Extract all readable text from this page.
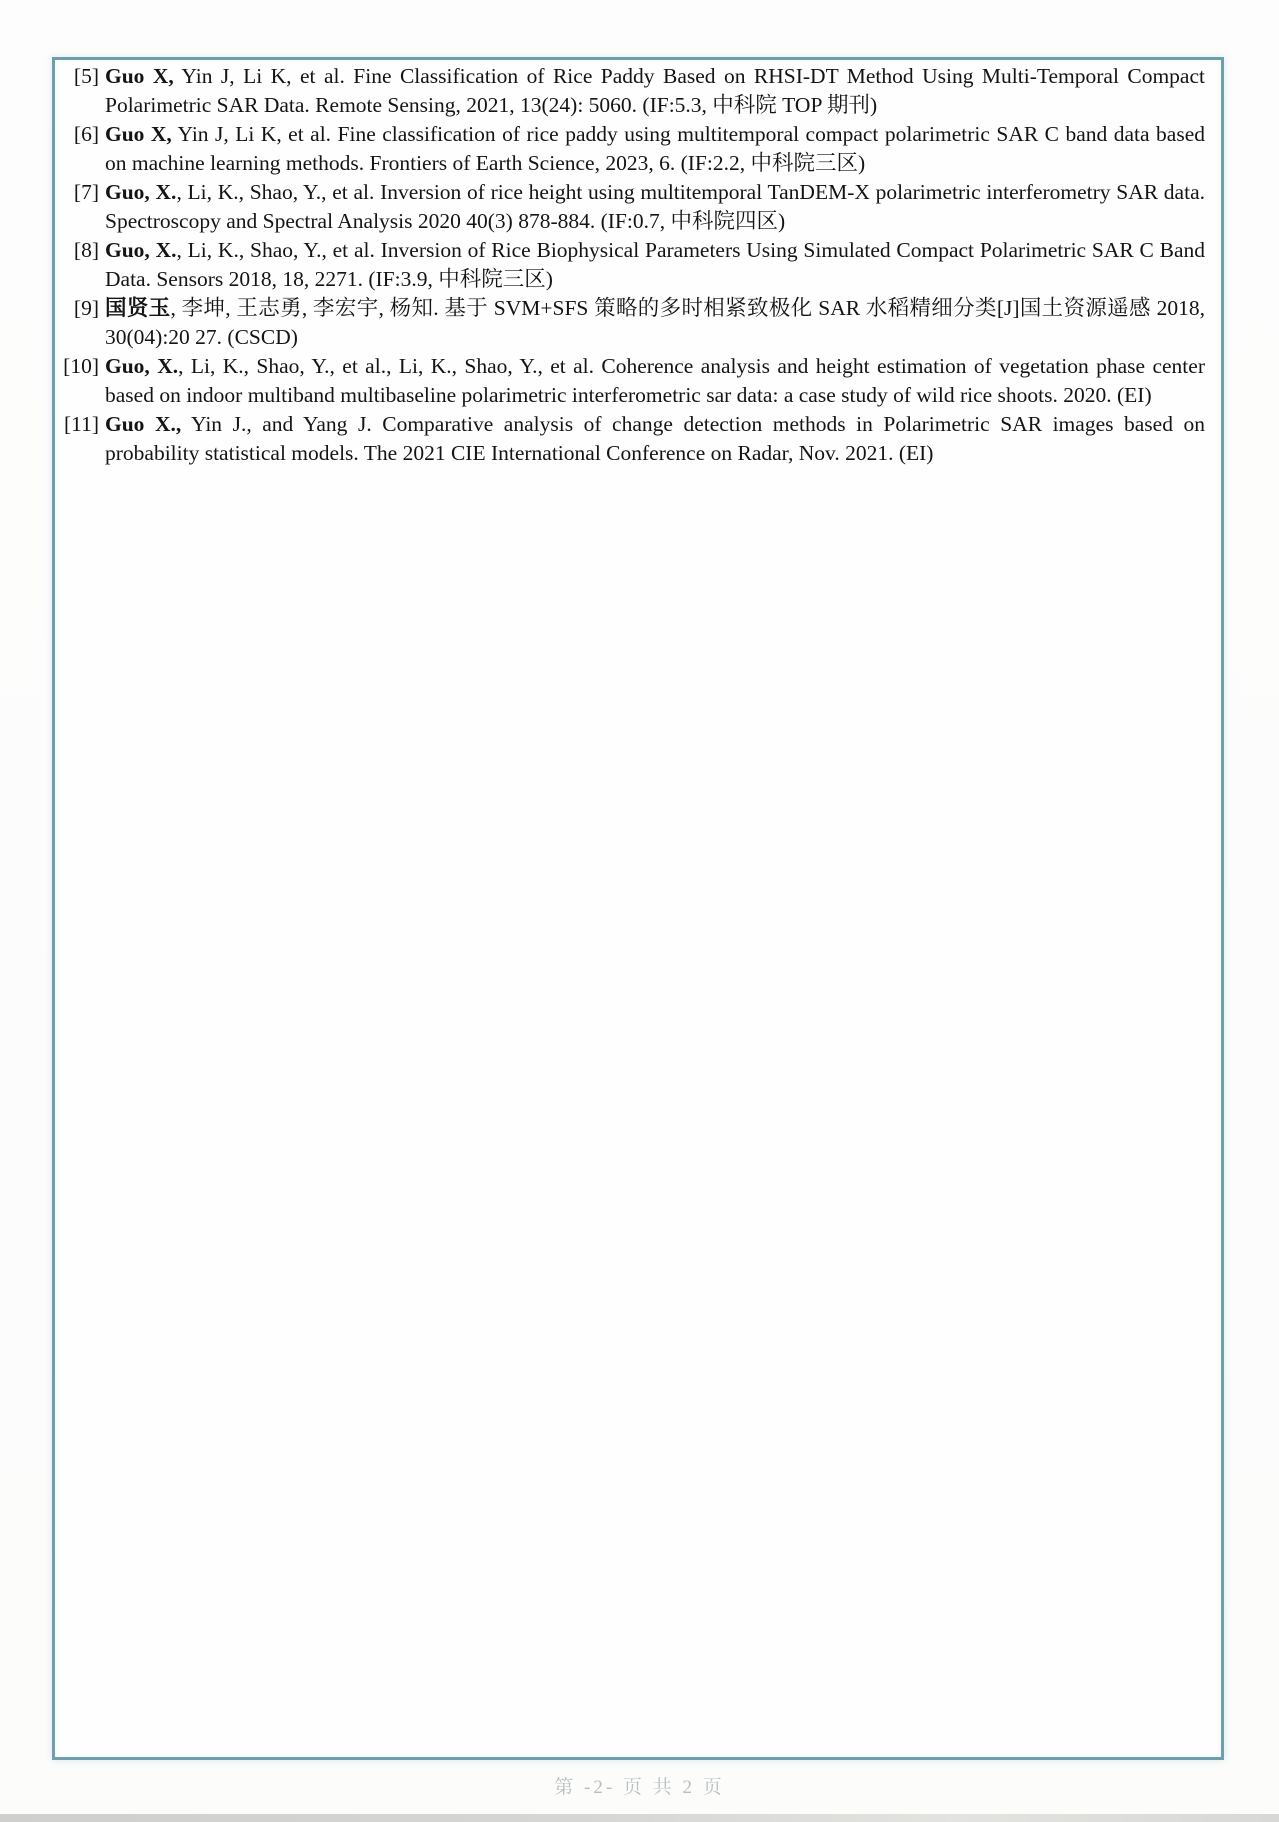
[5] Guo X, Yin J, Li K, et al. Fine Classification of Rice Paddy Based on RHSI-DT Method Using Multi-Temporal Compact Polarimetric SAR Data. Remote Sensing, 2021, 13(24): 5060. (IF:5.3, 中科院 TOP 期刊)
[6] Guo X, Yin J, Li K, et al. Fine classification of rice paddy using multitemporal compact polarimetric SAR C band data based on machine learning methods. Frontiers of Earth Science, 2023, 6. (IF:2.2, 中科院三区)
[7] Guo, X., Li, K., Shao, Y., et al. Inversion of rice height using multitemporal TanDEM-X polarimetric interferometry SAR data. Spectroscopy and Spectral Analysis 2020 40(3) 878-884. (IF:0.7, 中科院四区)
[8] Guo, X., Li, K., Shao, Y., et al. Inversion of Rice Biophysical Parameters Using Simulated Compact Polarimetric SAR C Band Data. Sensors 2018, 18, 2271. (IF:3.9, 中科院三区)
[9] 国贤玉, 李坤, 王志勇, 李宏宇, 杨知. 基于 SVM+SFS 策略的多时相紧致极化 SAR 水稻精细分类[J]国土资源遥感 2018, 30(04):20 27. (CSCD)
[10] Guo, X., Li, K., Shao, Y., et al., Li, K., Shao, Y., et al. Coherence analysis and height estimation of vegetation phase center based on indoor multiband multibaseline polarimetric interferometric sar data: a case study of wild rice shoots. 2020. (EI)
[11] Guo X., Yin J., and Yang J. Comparative analysis of change detection methods in Polarimetric SAR images based on probability statistical models. The 2021 CIE International Conference on Radar, Nov. 2021. (EI)
第 -2- 页 共 2 页
